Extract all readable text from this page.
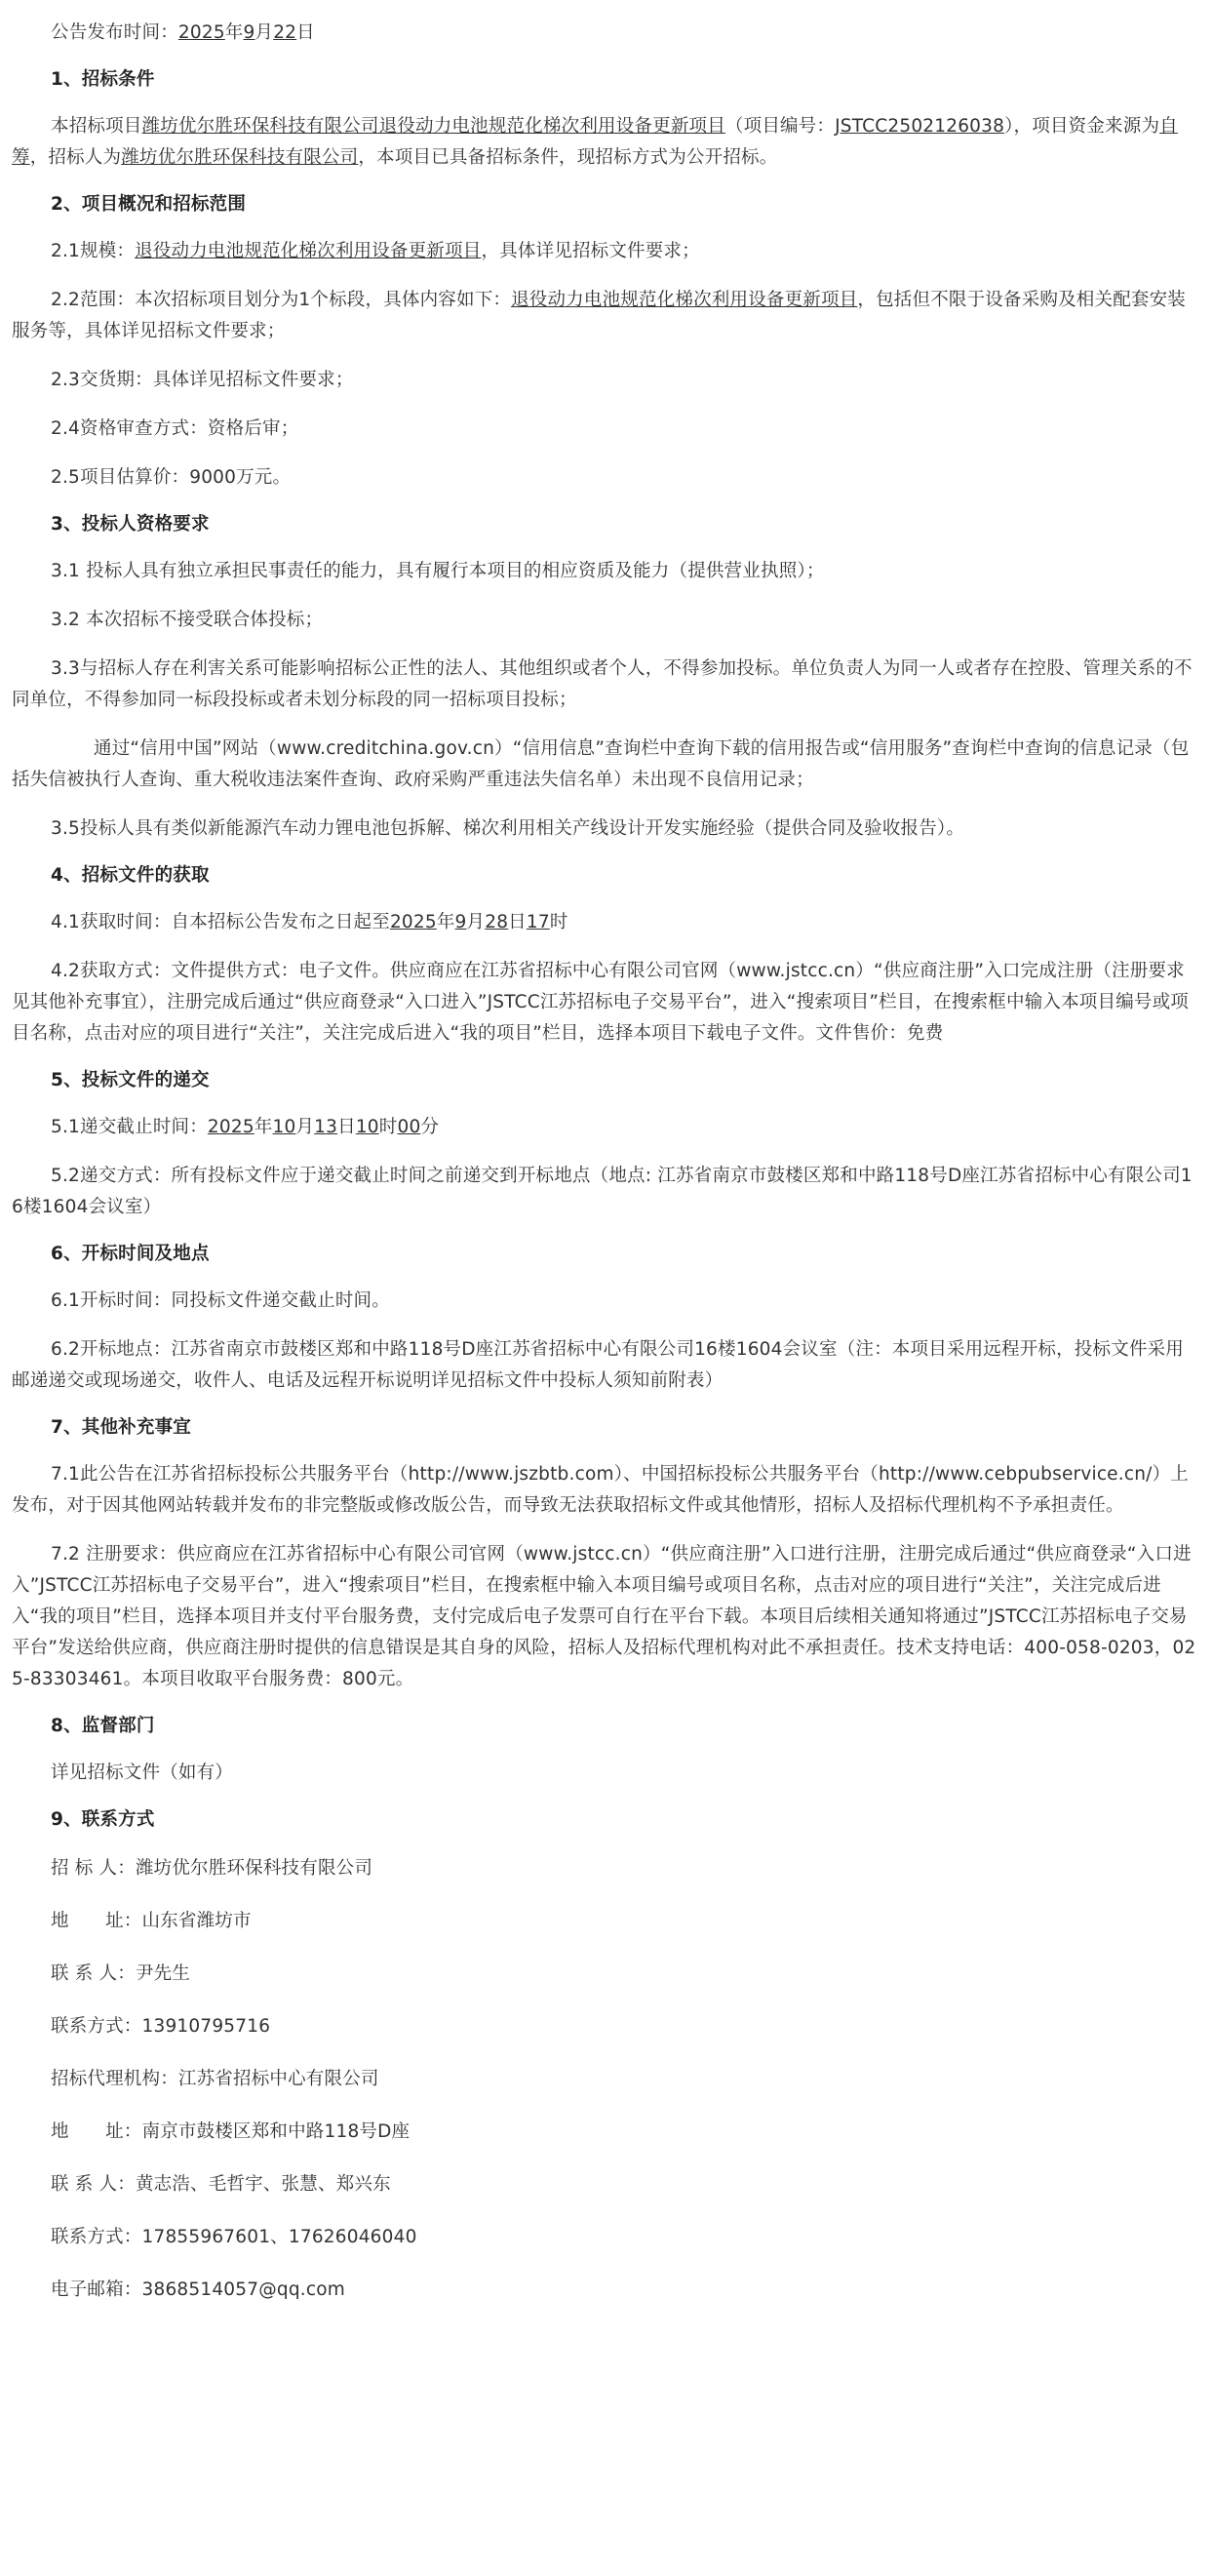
公告发布时间：2025年9月22日

1、招标条件

本招标项目潍坊优尔胜环保科技有限公司退役动力电池规范化梯次利用设备更新项目（项目编号：JSTCC2502126038），项目资金来源为自筹，招标人为潍坊优尔胜环保科技有限公司，本项目已具备招标条件，现招标方式为公开招标。

2、项目概况和招标范围

2.1规模：退役动力电池规范化梯次利用设备更新项目，具体详见招标文件要求；

2.2范围：本次招标项目划分为1个标段，具体内容如下：退役动力电池规范化梯次利用设备更新项目，包括但不限于设备采购及相关配套安装服务等，具体详见招标文件要求；

2.3交货期：具体详见招标文件要求；

2.4资格审查方式：资格后审；

2.5项目估算价：9000万元。

3、投标人资格要求

3.1 投标人具有独立承担民事责任的能力，具有履行本项目的相应资质及能力（提供营业执照）；

3.2 本次招标不接受联合体投标；

3.3与招标人存在利害关系可能影响招标公正性的法人、其他组织或者个人，不得参加投标。单位负责人为同一人或者存在控股、管理关系的不同单位，不得参加同一标段投标或者未划分标段的同一招标项目投标；

通过“信用中国”网站（www.creditchina.gov.cn）“信用信息”查询栏中查询下载的信用报告或“信用服务”查询栏中查询的信息记录（包括失信被执行人查询、重大税收违法案件查询、政府采购严重违法失信名单）未出现不良信用记录；

3.5投标人具有类似新能源汽车动力锂电池包拆解、梯次利用相关产线设计开发实施经验（提供合同及验收报告）。

4、招标文件的获取

4.1获取时间：自本招标公告发布之日起至2025年9月28日17时

4.2获取方式：文件提供方式：电子文件。供应商应在江苏省招标中心有限公司官网（www.jstcc.cn）“供应商注册”入口完成注册（注册要求见其他补充事宜），注册完成后通过“供应商登录“入口进入”JSTCC江苏招标电子交易平台”，进入“搜索项目”栏目，在搜索框中输入本项目编号或项目名称，点击对应的项目进行“关注”，关注完成后进入“我的项目”栏目，选择本项目下载电子文件。文件售价：免费

5、投标文件的递交

5.1递交截止时间：2025年10月13日10时00分

5.2递交方式：所有投标文件应于递交截止时间之前递交到开标地点（地点: 江苏省南京市鼓楼区郑和中路118号D座江苏省招标中心有限公司16楼1604会议室）

6、开标时间及地点

6.1开标时间：同投标文件递交截止时间。

6.2开标地点：江苏省南京市鼓楼区郑和中路118号D座江苏省招标中心有限公司16楼1604会议室（注：本项目采用远程开标，投标文件采用邮递递交或现场递交，收件人、电话及远程开标说明详见招标文件中投标人须知前附表）

7、其他补充事宜

7.1此公告在江苏省招标投标公共服务平台（http://www.jszbtb.com）、中国招标投标公共服务平台（http://www.cebpubservice.cn/）上发布，对于因其他网站转载并发布的非完整版或修改版公告，而导致无法获取招标文件或其他情形，招标人及招标代理机构不予承担责任。

7.2 注册要求：供应商应在江苏省招标中心有限公司官网（www.jstcc.cn）“供应商注册”入口进行注册，注册完成后通过“供应商登录“入口进入”JSTCC江苏招标电子交易平台”，进入“搜索项目”栏目，在搜索框中输入本项目编号或项目名称，点击对应的项目进行“关注”，关注完成后进入“我的项目”栏目，选择本项目并支付平台服务费，支付完成后电子发票可自行在平台下载。本项目后续相关通知将通过”JSTCC江苏招标电子交易平台”发送给供应商，供应商注册时提供的信息错误是其自身的风险，招标人及招标代理机构对此不承担责任。技术支持电话：400-058-0203，025-83303461。本项目收取平台服务费：800元。

8、监督部门

详见招标文件（如有）

9、联系方式

招 标 人：潍坊优尔胜环保科技有限公司

地　　址：山东省潍坊市

联 系 人：尹先生

联系方式：13910795716

招标代理机构：江苏省招标中心有限公司

地　　址：南京市鼓楼区郑和中路118号D座

联 系 人：黄志浩、毛哲宇、张慧、郑兴东

联系方式：17855967601、17626046040

电子邮箱：3868514057@qq.com
